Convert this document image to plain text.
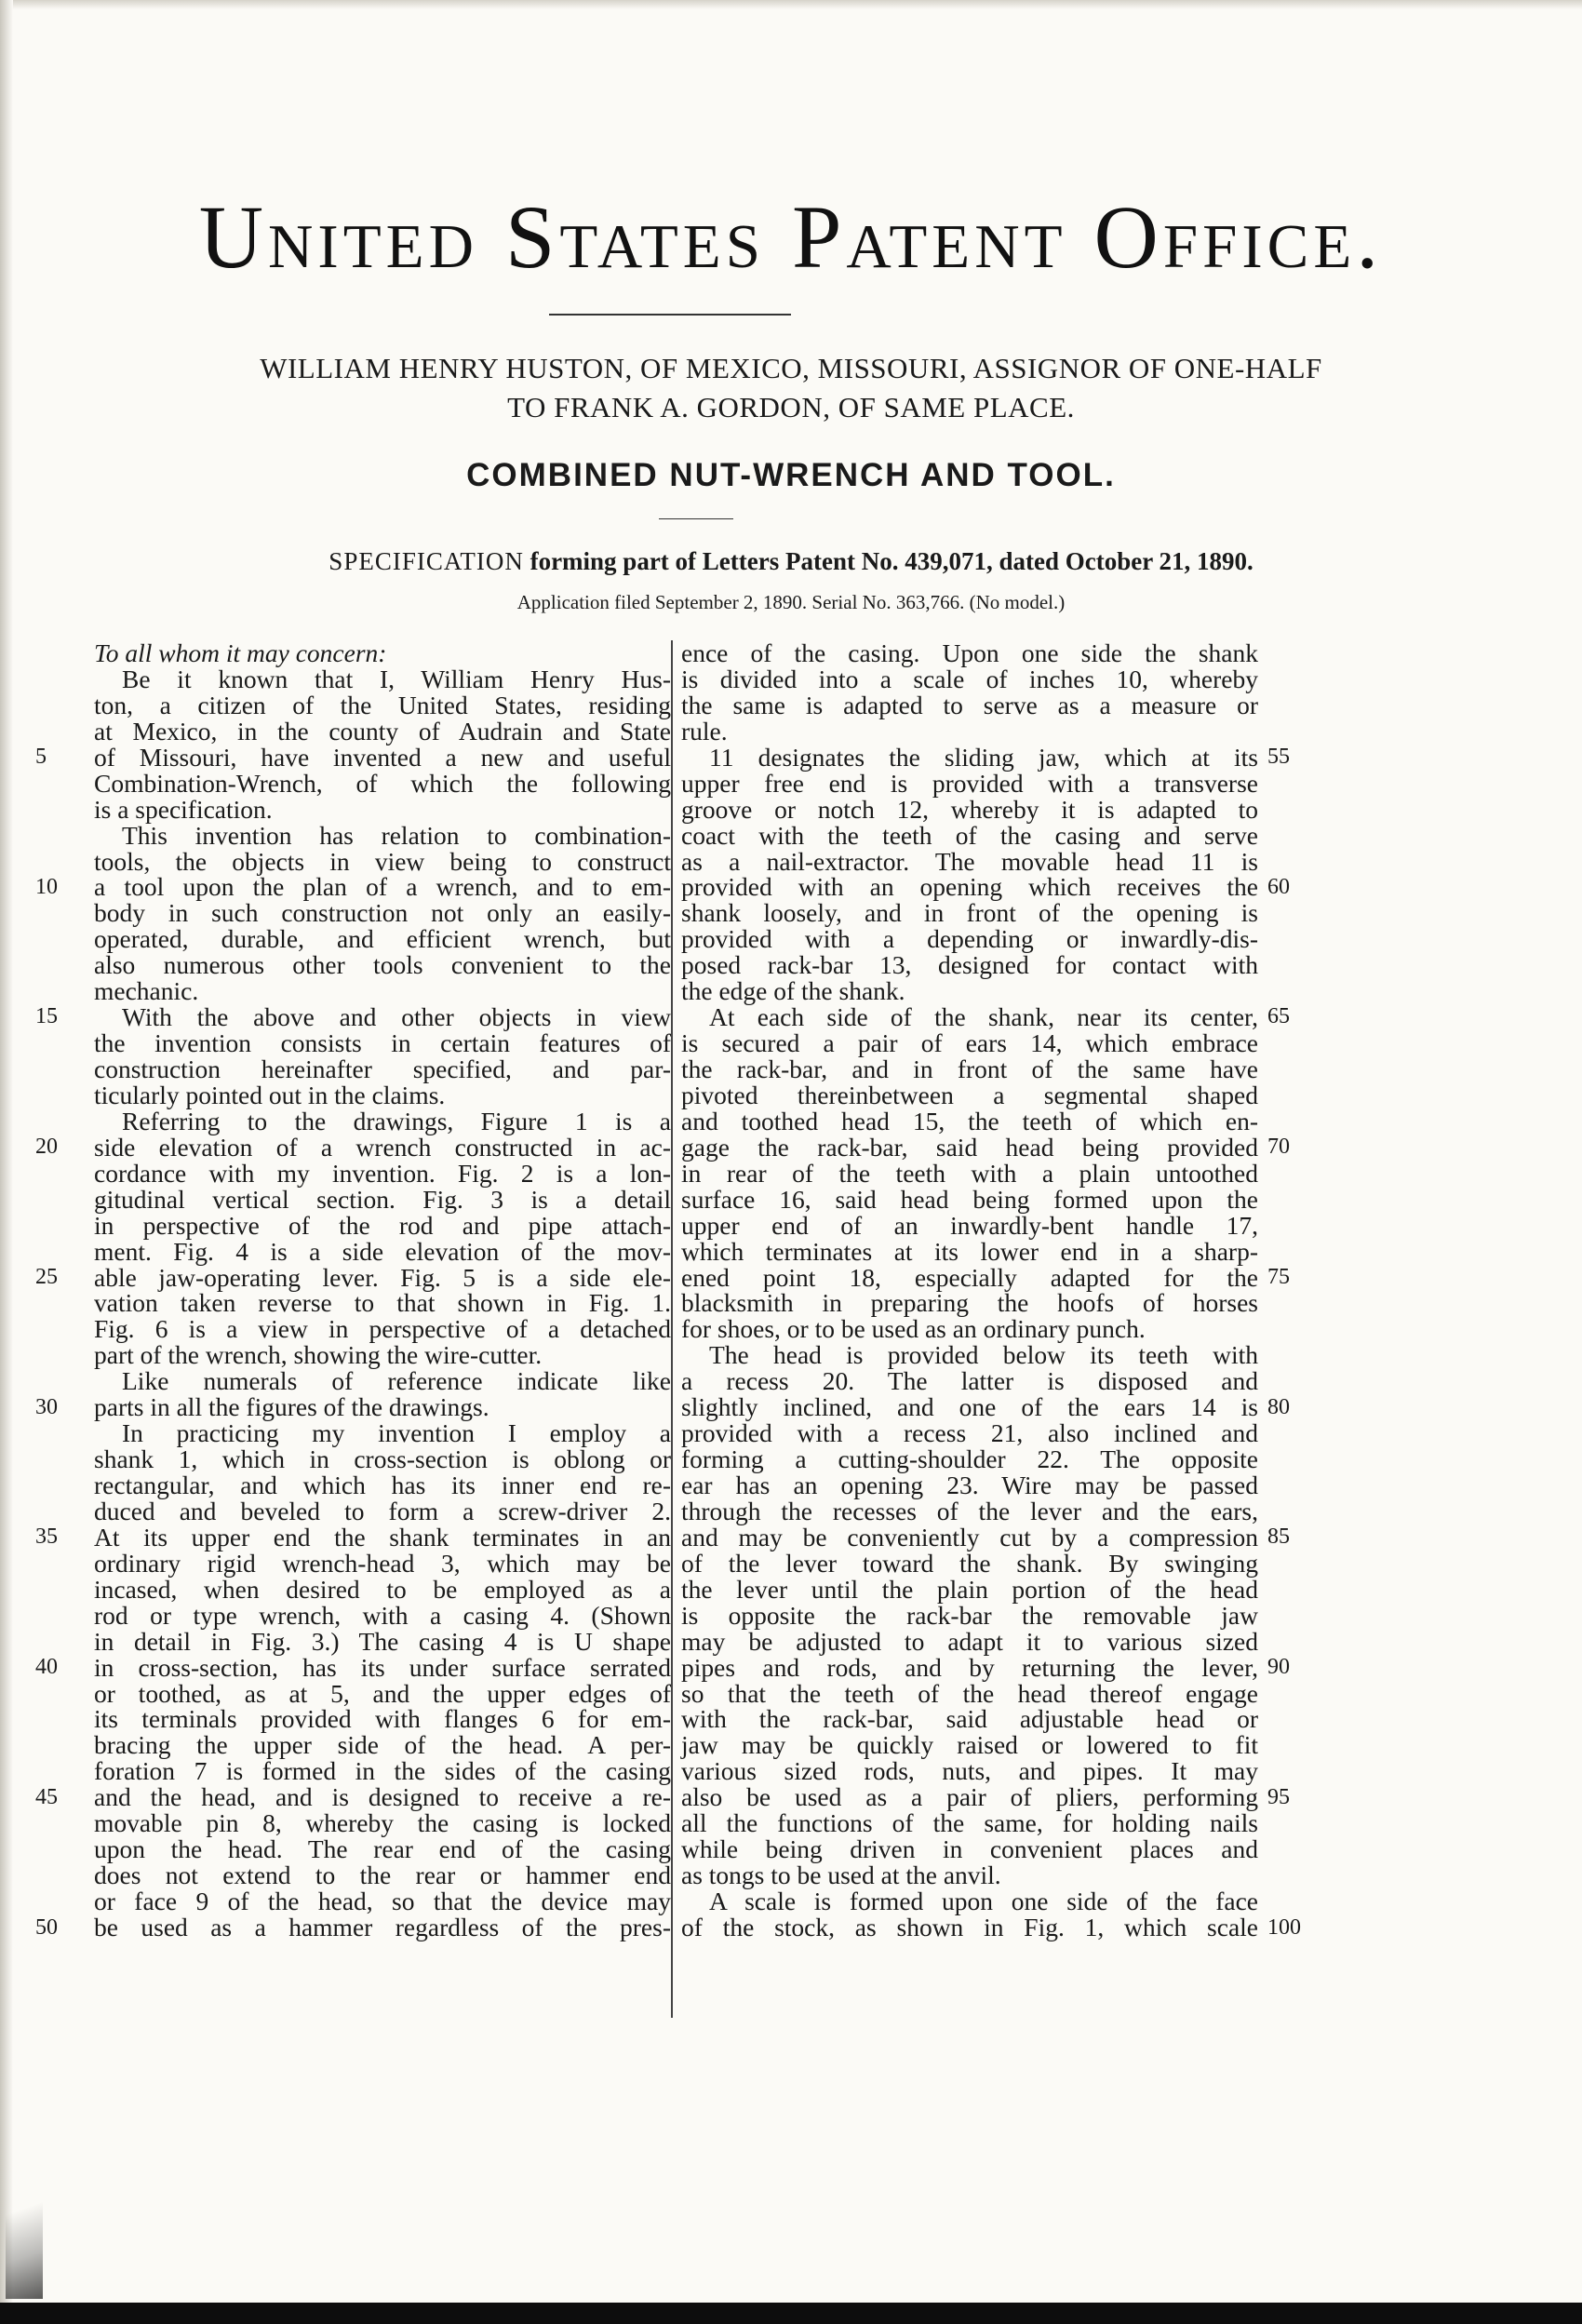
United States Patent Office.
WILLIAM HENRY HUSTON, OF MEXICO, MISSOURI, ASSIGNOR OF ONE-HALF
TO FRANK A. GORDON, OF SAME PLACE.
COMBINED NUT-WRENCH AND TOOL.
SPECIFICATION forming part of Letters Patent No. 439,071, dated October 21, 1890.
Application filed September 2, 1890. Serial No. 363,766. (No model.)
5
10
15
20
25
30
35
40
45
50
To all whom it may concern:
Be it known that I, William Henry Hus-
ton, a citizen of the United States, residing
at Mexico, in the county of Audrain and State
of Missouri, have invented a new and useful
Combination-Wrench, of which the following
is a specification.
This invention has relation to combination-
tools, the objects in view being to construct
a tool upon the plan of a wrench, and to em-
body in such construction not only an easily-
operated, durable, and efficient wrench, but
also numerous other tools convenient to the
mechanic.
With the above and other objects in view
the invention consists in certain features of
construction hereinafter specified, and par-
ticularly pointed out in the claims.
Referring to the drawings, Figure 1 is a
side elevation of a wrench constructed in ac-
cordance with my invention. Fig. 2 is a lon-
gitudinal vertical section. Fig. 3 is a detail
in perspective of the rod and pipe attach-
ment. Fig. 4 is a side elevation of the mov-
able jaw-operating lever. Fig. 5 is a side ele-
vation taken reverse to that shown in Fig. 1.
Fig. 6 is a view in perspective of a detached
part of the wrench, showing the wire-cutter.
Like numerals of reference indicate like
parts in all the figures of the drawings.
In practicing my invention I employ a
shank 1, which in cross-section is oblong or
rectangular, and which has its inner end re-
duced and beveled to form a screw-driver 2.
At its upper end the shank terminates in an
ordinary rigid wrench-head 3, which may be
incased, when desired to be employed as a
rod or type wrench, with a casing 4. (Shown
in detail in Fig. 3.) The casing 4 is U shape
in cross-section, has its under surface serrated
or toothed, as at 5, and the upper edges of
its terminals provided with flanges 6 for em-
bracing the upper side of the head. A per-
foration 7 is formed in the sides of the casing
and the head, and is designed to receive a re-
movable pin 8, whereby the casing is locked
upon the head. The rear end of the casing
does not extend to the rear or hammer end
or face 9 of the head, so that the device may
be used as a hammer regardless of the pres-
ence of the casing. Upon one side the shank
is divided into a scale of inches 10, whereby
the same is adapted to serve as a measure or
rule.
11 designates the sliding jaw, which at its
upper free end is provided with a transverse
groove or notch 12, whereby it is adapted to
coact with the teeth of the casing and serve
as a nail-extractor. The movable head 11 is
provided with an opening which receives the
shank loosely, and in front of the opening is
provided with a depending or inwardly-dis-
posed rack-bar 13, designed for contact with
the edge of the shank.
At each side of the shank, near its center,
is secured a pair of ears 14, which embrace
the rack-bar, and in front of the same have
pivoted thereinbetween a segmental shaped
and toothed head 15, the teeth of which en-
gage the rack-bar, said head being provided
in rear of the teeth with a plain untoothed
surface 16, said head being formed upon the
upper end of an inwardly-bent handle 17,
which terminates at its lower end in a sharp-
ened point 18, especially adapted for the
blacksmith in preparing the hoofs of horses
for shoes, or to be used as an ordinary punch.
The head is provided below its teeth with
a recess 20. The latter is disposed and
slightly inclined, and one of the ears 14 is
provided with a recess 21, also inclined and
forming a cutting-shoulder 22. The opposite
ear has an opening 23. Wire may be passed
through the recesses of the lever and the ears,
and may be conveniently cut by a compression
of the lever toward the shank. By swinging
the lever until the plain portion of the head
is opposite the rack-bar the removable jaw
may be adjusted to adapt it to various sized
pipes and rods, and by returning the lever,
so that the teeth of the head thereof engage
with the rack-bar, said adjustable head or
jaw may be quickly raised or lowered to fit
various sized rods, nuts, and pipes. It may
also be used as a pair of pliers, performing
all the functions of the same, for holding nails
while being driven in convenient places and
as tongs to be used at the anvil.
A scale is formed upon one side of the face
of the stock, as shown in Fig. 1, which scale
55
60
65
70
75
80
85
90
95
100
